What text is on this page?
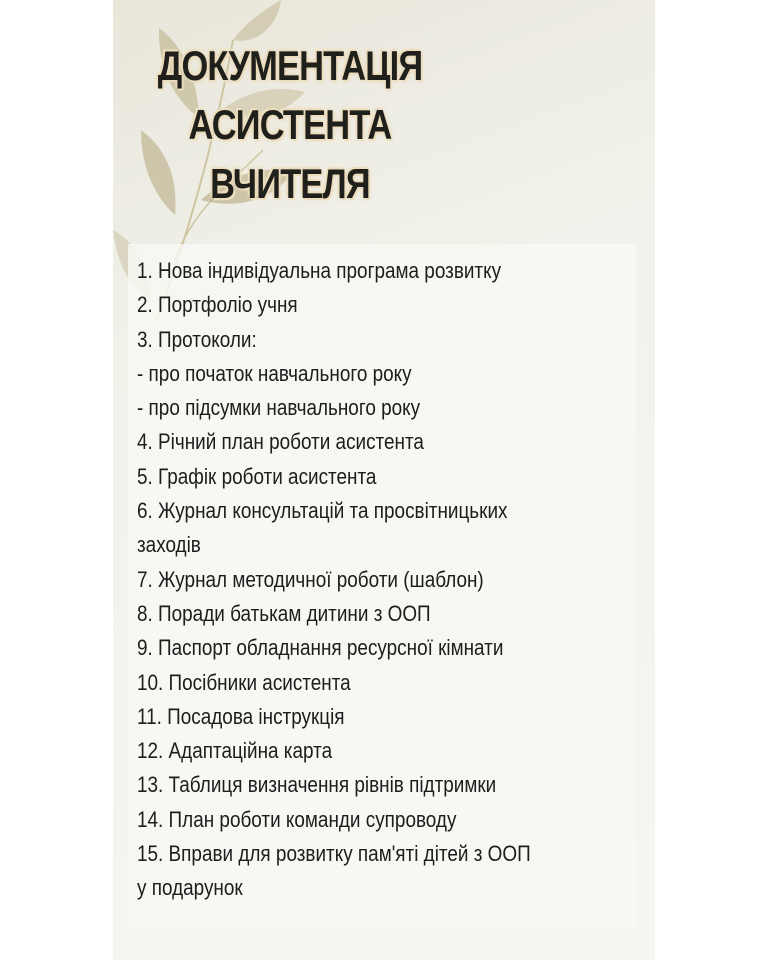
ДОКУМЕНТАЦІЯ
АСИСТЕНТА
ВЧИТЕЛЯ
1. Нова індивідуальна програма розвитку
2. Портфоліо учня
3. Протоколи:
- про початок навчального року
- про підсумки навчального року
4. Річний план роботи асистента
5. Графік роботи асистента
6. Журнал консультацій та просвітницьких
заходів
7. Журнал методичної роботи (шаблон)
8. Поради батькам дитини з ООП
9. Паспорт обладнання ресурсної кімнати
10. Посібники асистента
11. Посадова інструкція
12. Адаптаційна карта
13. Таблиця визначення рівнів підтримки
14. План роботи команди супроводу
15. Вправи для розвитку пам'яті дітей з ООП
у подарунок
